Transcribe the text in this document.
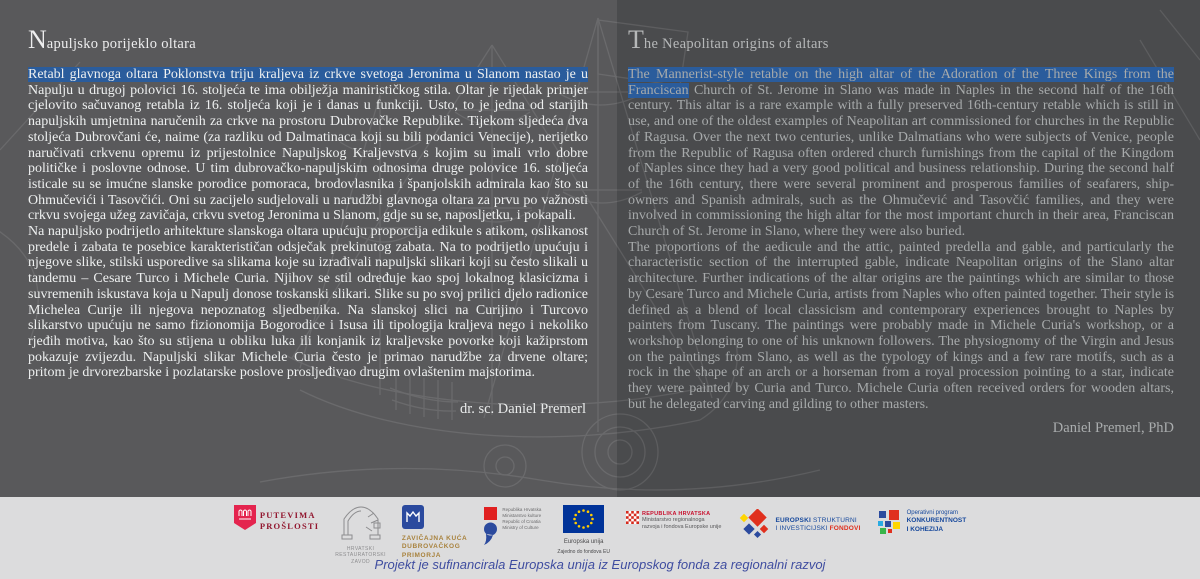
Napuljsko porijeklo oltara

Retabl glavnoga oltara Poklonstva triju kraljeva iz crkve svetoga Jeronima u Slanom nastao je u Napulju u drugoj polovici 16. stoljeća te ima obilježja manirističkog stila. Oltar je rijedak primjer cjelovito sačuvanog retabla iz 16. stoljeća koji je i danas u funkciji. Usto, to je jedna od starijih napuljskih umjetnina naručenih za crkve na prostoru Dubrovačke Republike. Tijekom sljedeća dva stoljeća Dubrovčani će, naime (za razliku od Dalmatinaca koji su bili podanici Venecije), nerijetko naručivati crkvenu opremu iz prijestolnice Napuljskog Kraljevstva s kojim su imali vrlo dobre političke i poslovne odnose. U tim dubrovačko-napuljskim odnosima druge polovice 16. stoljeća isticale su se imućne slanske porodice pomoraca, brodovlasnika i španjolskih admirala kao što su Ohmučevići i Tasovčići. Oni su zacijelo sudjelovali u narudžbi glavnoga oltara za prvu po važnosti crkvu svojega užeg zavičaja, crkvu svetog Jeronima u Slanom, gdje su se, naposljetku, i pokapali.

Na napuljsko podrijetlo arhitekture slanskoga oltara upućuju proporcija edikule s atikom, oslikanost predele i zabata te posebice karakterističan odsječak prekinutog zabata. Na to podrijetlo upućuju i njegove slike, stilski usporedive sa slikama koje su izrađivali napuljski slikari koji su često slikali u tandemu – Cesare Turco i Michele Curia. Njihov se stil određuje kao spoj lokalnog klasicizma i suvremenih iskustava koja u Napulj donose toskanski slikari. Slike su po svoj prilici djelo radionice Michelea Curije ili njegova nepoznatog sljedbenika. Na slanskoj slici na Curijino i Turcovo slikarstvo upućuju ne samo fizionomija Bogorodice i Isusa ili tipologija kraljeva nego i nekoliko rjeđih motiva, kao što su stijena u obliku luka ili konjanik iz kraljevske povorke koji kažiprstom pokazuje zvijezdu. Napuljski slikar Michele Curia često je primao narudžbe za drvene oltare; pritom je drvorezbarske i pozlatarske poslove prosljeđivao drugim ovlaštenim majstorima.

dr. sc. Daniel Premerl
The Neapolitan origins of altars

The Mannerist-style retable on the high altar of the Adoration of the Three Kings from the Franciscan Church of St. Jerome in Slano was made in Naples in the second half of the 16th century. This altar is a rare example with a fully preserved 16th-century retable which is still in use, and one of the oldest examples of Neapolitan art commissioned for churches in the Republic of Ragusa. Over the next two centuries, unlike Dalmatians who were subjects of Venice, people from the Republic of Ragusa often ordered church furnishings from the capital of the Kingdom of Naples since they had a very good political and business relationship. During the second half of the 16th century, there were several prominent and prosperous families of seafarers, ship-owners and Spanish admirals, such as the Ohmučević and Tasovčić families, and they were involved in commissioning the high altar for the most important church in their area, Franciscan Church of St. Jerome in Slano, where they were also buried.

The proportions of the aedicule and the attic, painted predella and gable, and particularly the characteristic section of the interrupted gable, indicate Neapolitan origins of the Slano altar architecture. Further indications of the altar origins are the paintings which are similar to those by Cesare Turco and Michele Curia, artists from Naples who often painted together. Their style is defined as a blend of local classicism and contemporary experiences brought to Naples by painters from Tuscany. The paintings were probably made in Michele Curia's workshop, or a workshop belonging to one of his unknown followers. The physiognomy of the Virgin and Jesus on the paintings from Slano, as well as the typology of kings and a few rare motifs, such as a rock in the shape of an arch or a horseman from a royal procession pointing to a star, indicate they were painted by Curia and Turco. Michele Curia often received orders for wooden altars, but he delegated carving and gilding to other masters.

Daniel Premerl, PhD
PUTEVIMA
PROŠLOSTI
HRVATSKI
RESTAURATORSKI
ZAVOD
ZAVIČAJNA KUĆA
DUBROVAČKOG
PRIMORJA
Republika Hrvatska
Ministarstvo kulture
Republic of Croatia
Ministry of Culture
Europska unija
Zajedno do fondova EU
REPUBLIKA HRVATSKA
Ministarstvo regionalnoga
razvoja i fondova Europske unije
EUROPSKI STRUKTURNI
I INVESTICIJSKI FONDOVI
Operativni program
KONKURENTNOST
I KOHEZIJA
Projekt je sufinancirala Europska unija iz Europskog fonda za regionalni razvoj
